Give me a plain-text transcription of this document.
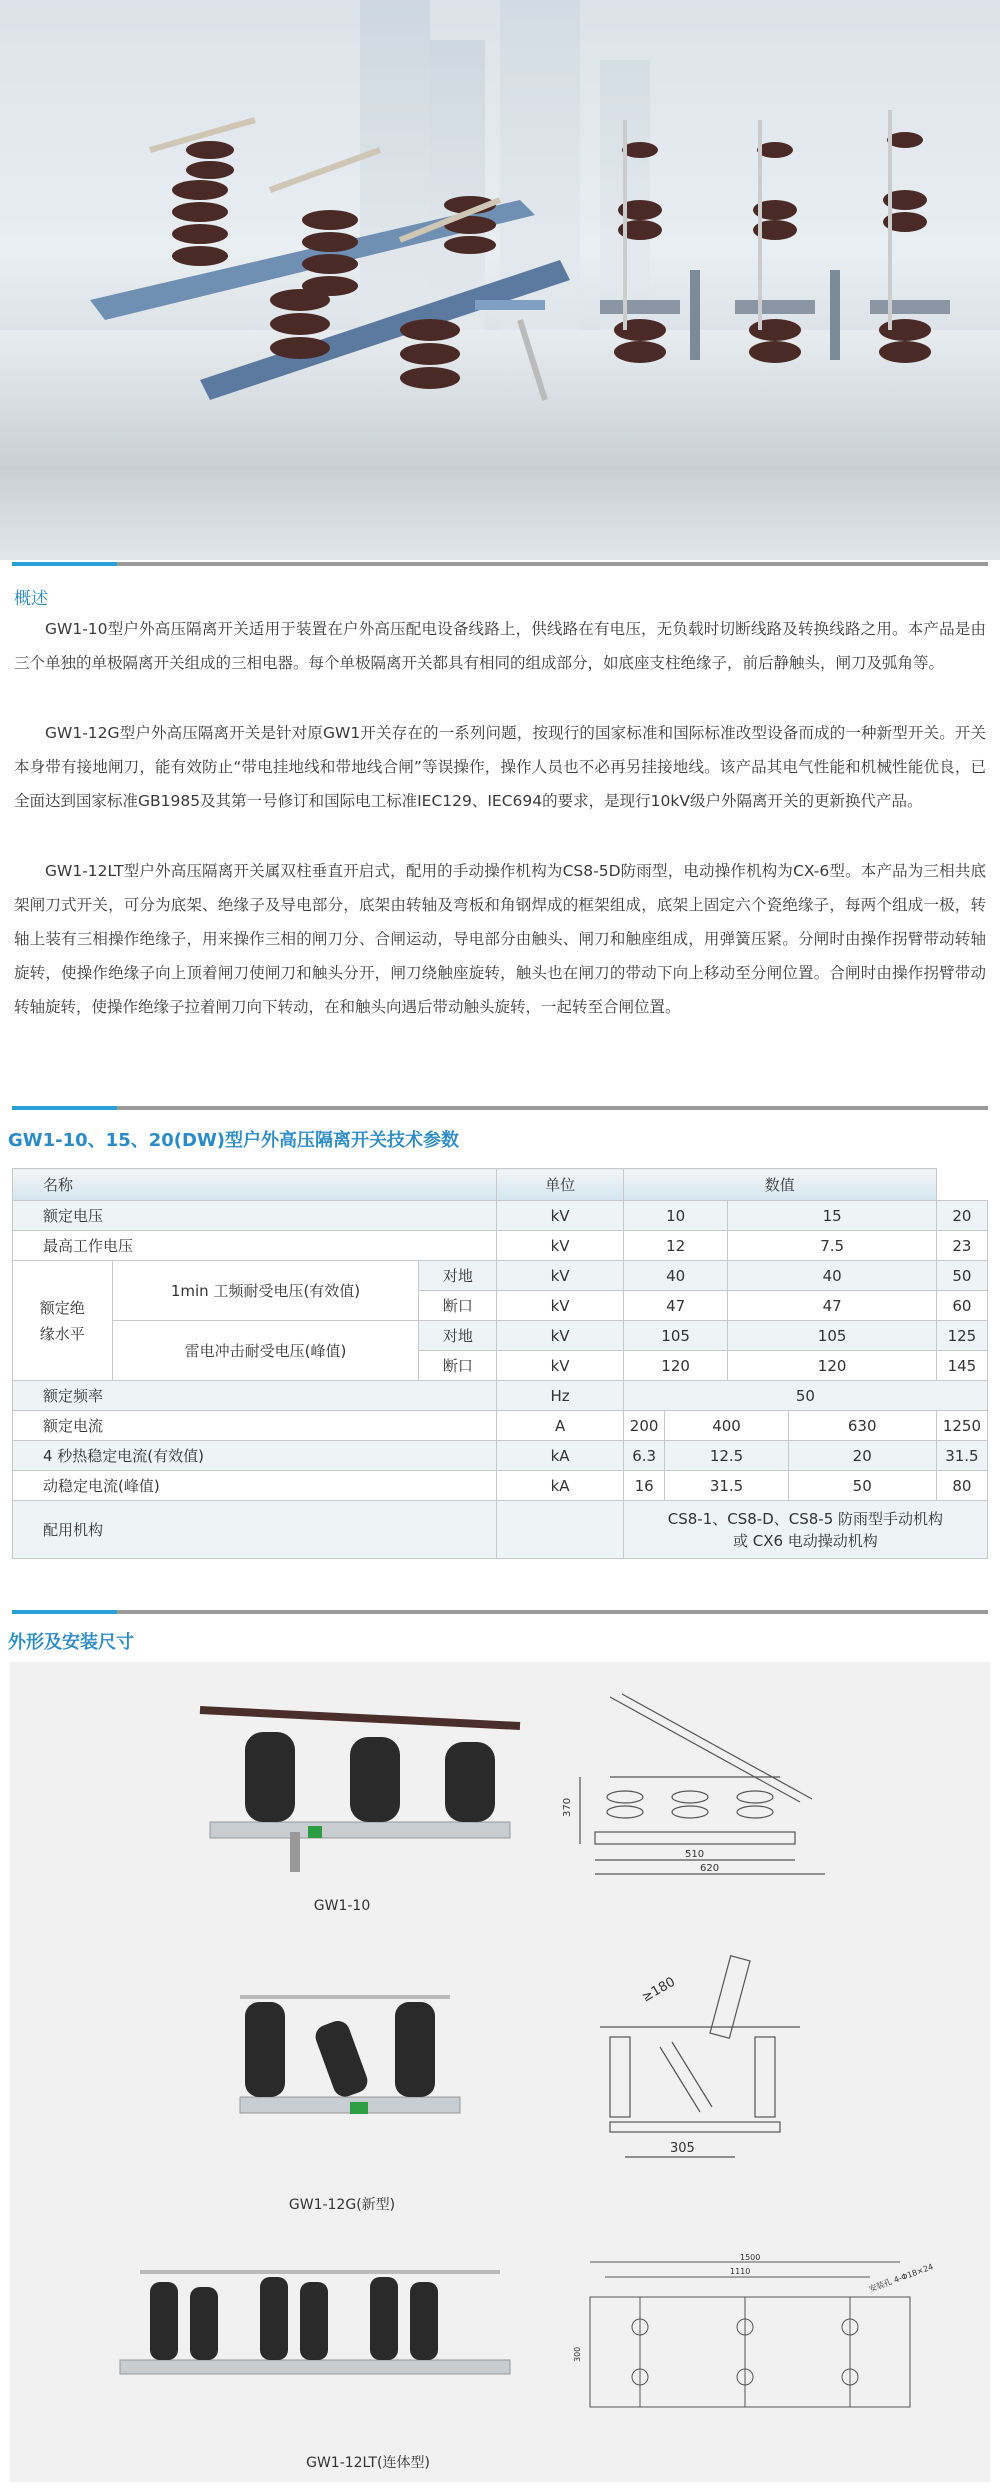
概述
GW1-10型户外高压隔离开关适用于装置在户外高压配电设备线路上，供线路在有电压，无负载时切断线路及转换线路之用。本产品是由三个单独的单极隔离开关组成的三相电器。每个单极隔离开关都具有相同的组成部分，如底座支柱绝缘子，前后静触头，闸刀及弧角等。
GW1-12G型户外高压隔离开关是针对原GW1开关存在的一系列问题，按现行的国家标准和国际标准改型设备而成的一种新型开关。开关本身带有接地闸刀，能有效防止“带电挂地线和带地线合闸”等误操作，操作人员也不必再另挂接地线。该产品其电气性能和机械性能优良，已全面达到国家标准GB1985及其第一号修订和国际电工标准IEC129、IEC694的要求，是现行10kV级户外隔离开关的更新换代产品。
GW1-12LT型户外高压隔离开关属双柱垂直开启式，配用的手动操作机构为CS8-5D防雨型，电动操作机构为CX-6型。本产品为三相共底架闸刀式开关，可分为底架、绝缘子及导电部分，底架由转轴及弯板和角钢焊成的框架组成，底架上固定六个瓷绝缘子，每两个组成一极，转轴上装有三相操作绝缘子，用来操作三相的闸刀分、合闸运动，导电部分由触头、闸刀和触座组成，用弹簧压紧。分闸时由操作拐臂带动转轴旋转，使操作绝缘子向上顶着闸刀使闸刀和触头分开，闸刀绕触座旋转，触头也在闸刀的带动下向上移动至分闸位置。合闸时由操作拐臂带动转轴旋转，使操作绝缘子拉着闸刀向下转动，在和触头向遇后带动触头旋转，一起转至合闸位置。
GW1-10、15、20(DW)型户外高压隔离开关技术参数
名称			单位	数值				
额定电压			kV	10		15		20
最高工作电压			kV	12		7.5		23
额定绝缘水平	1min 工频耐受电压(有效值)	对地	kV	40		40		50
		断口	kV	47		47		60
	雷电冲击耐受电压(峰值)	对地	kV	105		105		125
		断口	kV	120		120		145
额定频率			Hz	50				
额定电流			A	200	400		630	1250
4 秒热稳定电流(有效值)			kA	6.3	12.5		20	31.5
动稳定电流(峰值)			kA	16	31.5		50	80
配用机构				CS8-1、CS8-D、CS8-5 防雨型手动机构
或 CX6 电动操动机构				
外形及安装尺寸
GW1-10
370
510
620
GW1-12G(新型)
≥180
305
GW1-12LT(连体型)
1500
1110
300
安装孔 4-Φ18×24
